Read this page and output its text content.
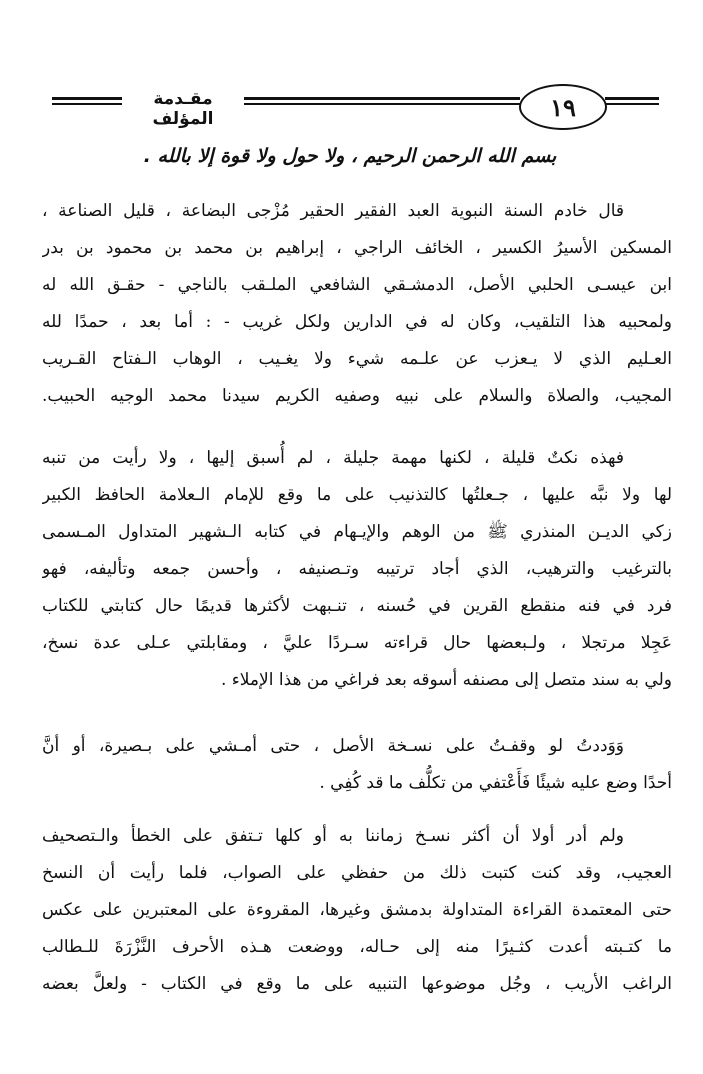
١٩
مقـدمة المؤلف
بسم الله الرحمن الرحيم ، ولا حول ولا قوة إلا بالله .
قال خادم السنة النبوية العبد الفقير الحقير مُزْجى البضاعة ، قليل الصناعة ،
المسكين الأسيرُ الكسير ، الخائف الراجي ، إبراهيم بن محمد بن محمود بن بدر
ابن عيسـى الحلبي الأصل، الدمشـقي الشافعي الملـقب بالناجي - حقـق الله له
ولمحبيه هذا التلقيب، وكان له في الدارين ولكل غريب - : أما بعد ، حمدًا لله
العـليم الذي لا يـعزب عن علـمه شيء ولا يغـيب ، الوهاب الـفتاح القـريب
المجيب، والصلاة والسلام على نبيه وصفيه الكريم سيدنا محمد الوجيه الحبيب.
فهذه نكتٌ قليلة ، لكنها مهمة جليلة ، لم أُسبق إليها ، ولا رأيت من تنبه
لها ولا نبَّه عليها ، جـعلتُها كالتذنيب على ما وقع للإمام الـعلامة الحافظ الكبير
زكي الديـن المنذري ﷺ من الوهم والإيـهام في كتابه الـشهير المتداول المـسمى
بالترغيب والترهيب، الذي أجاد ترتيبه وتـصنيفه ، وأحسن جمعه وتأليفه، فهو
فرد في فنه منقطع القرين في حُسنه ، تنـبهت لأكثرها قديمًا حال كتابتي للكتاب
عَجِلا مرتجلا ، ولـبعضها حال قراءته سـردًا عليَّ ، ومقابلتي عـلى عدة نسخ،
ولي به سند متصل إلى مصنفه أسوقه بعد فراغي من هذا الإملاء .
وَوَددتُ لو وقفـتُ على نسـخة الأصل ، حتى أمـشي على بـصيرة، أو أنَّ
أحدًا وضع عليه شيئًا فَأَعْتفي من تكلُّف ما قد كُفِي .
ولم أدر أولا أن أكثر نسـخ زماننا به أو كلها تـتفق على الخطأ والـتصحيف
العجيب، وقد كنت كتبت ذلك من حفظي على الصواب، فلما رأيت أن النسخ
حتى المعتمدة القراءة المتداولة بدمشق وغيرها، المقروءة على المعتبرين على عكس
ما كتـبته أعدت كثـيرًا منه إلى حـاله، ووضعت هـذه الأحرف النَّزْرَةَ للـطالب
الراغب الأريب ، وجُل موضوعها التنبيه على ما وقع في الكتاب - ولعلَّ بعضه
